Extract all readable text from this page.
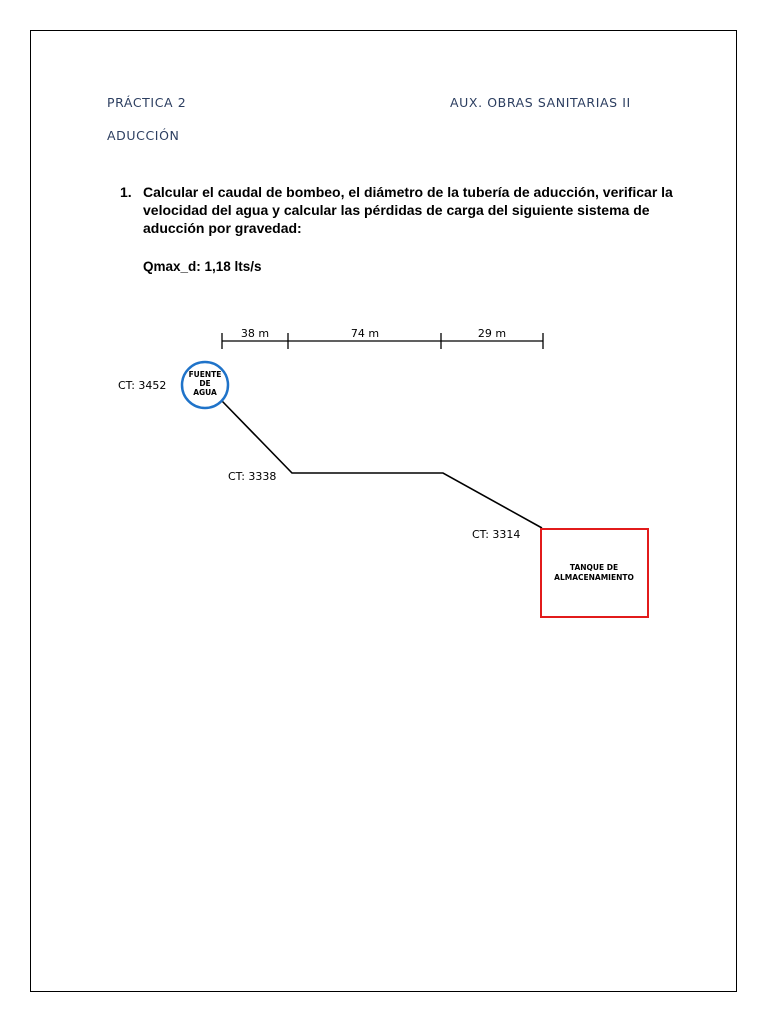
PRÁCTICA 2	AUX. OBRAS SANITARIAS II
ADUCCIÓN
1. Calcular el caudal de bombeo, el diámetro de la tubería de aducción, verificar la velocidad del agua y calcular las pérdidas de carga del siguiente sistema de aducción por gravedad:
Qmax_d: 1,18 lts/s
38 m	74 m	29 m
FUENTE
DE
AGUA
CT: 3452
CT: 3338
CT: 3314
TANQUE DE
ALMACENAMIENTO
